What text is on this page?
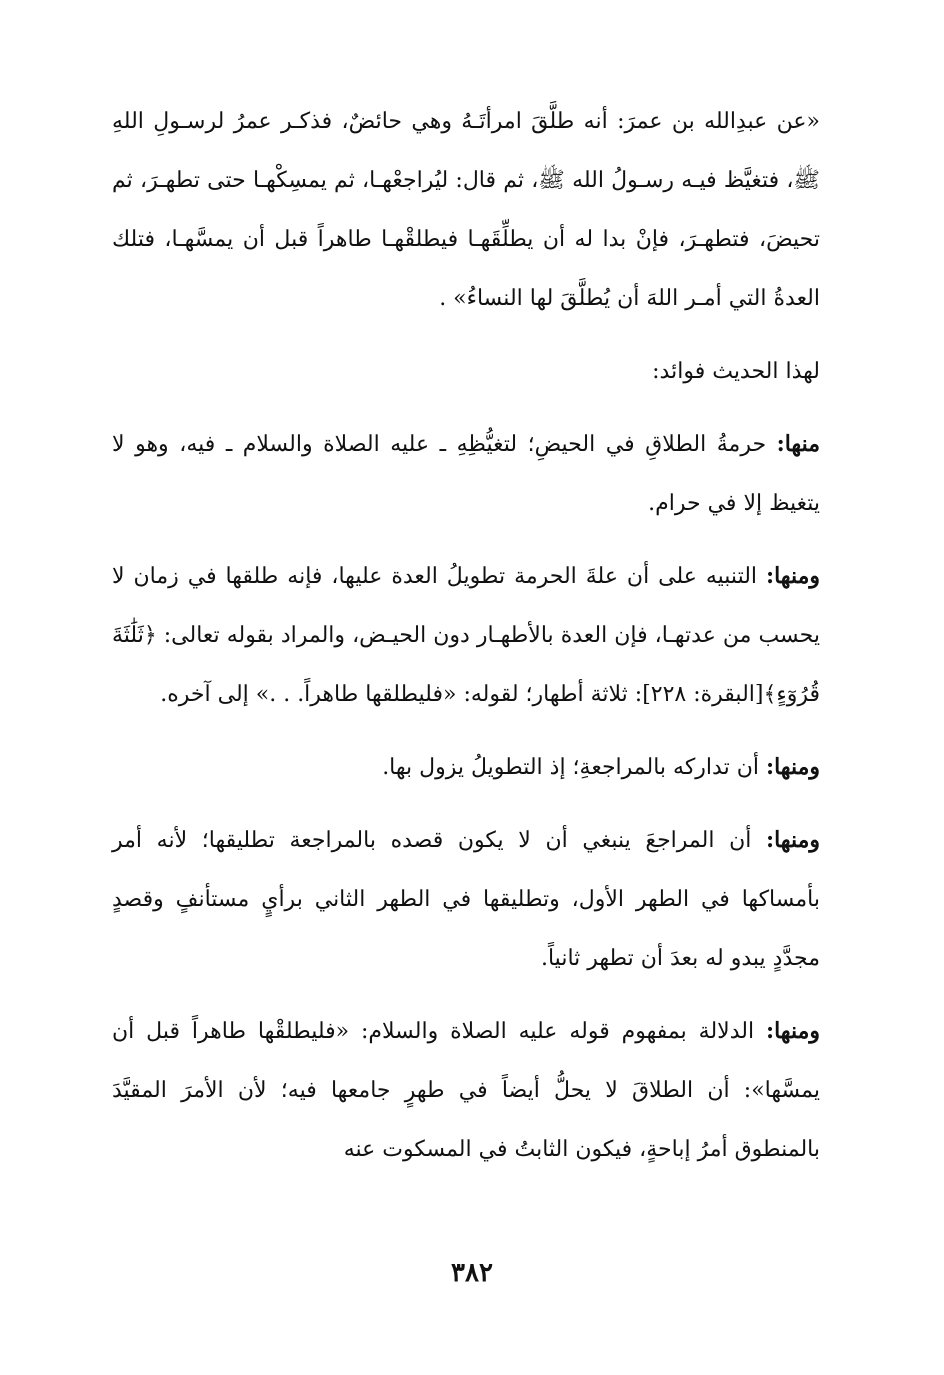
«عن عبدِالله بن عمرَ: أنه طلَّقَ امرأتَـهُ وهي حائضٌ، فذكـر عمرُ لرسـولِ اللهِ ﷺ، فتغيَّظ فيـه رسـولُ الله ﷺ، ثم قال: ليُراجعْهـا، ثم يمسِكْهـا حتى تطهـرَ، ثم تحيضَ، فتطهـرَ، فإنْ بدا له أن يطلِّقَهـا فيطلقْهـا طاهراً قبل أن يمسَّهـا، فتلك العدةُ التي أمـر اللهَ أن يُطلَّقَ لها النساءُ» .

لهذا الحديث فوائد:

منها: حرمةُ الطلاقِ في الحيضِ؛ لتغيُّظِهِ ـ عليه الصلاة والسلام ـ فيه، وهو لا يتغيظ إلا في حرام.

ومنها: التنبيه على أن علةَ الحرمة تطويلُ العدة عليها، فإنه طلقها في زمان لا يحسب من عدتهـا، فإن العدة بالأطهـار دون الحيـض، والمراد بقوله تعالى: ﴿ثَلَٰثَةَ قُرُوٓءٍ﴾[البقرة: ٢٢٨]: ثلاثة أطهار؛ لقوله: «فليطلقها طاهراً. . .» إلى آخره.

ومنها: أن تداركه بالمراجعةِ؛ إذ التطويلُ يزول بها.

ومنها: أن المراجعَ ينبغي أن لا يكون قصده بالمراجعة تطليقها؛ لأنه أمر بأمساكها في الطهر الأول، وتطليقها في الطهر الثاني برأيٍ مستأنفٍ وقصدٍ مجدَّدٍ يبدو له بعدَ أن تطهر ثانياً.

ومنها: الدلالة بمفهوم قوله عليه الصلاة والسلام: «فليطلقْها طاهراً قبل أن يمسَّها»: أن الطلاقَ لا يحلُّ أيضاً في طهرٍ جامعها فيه؛ لأن الأمرَ المقيَّدَ بالمنطوق أمرُ إباحةٍ، فيكون الثابتُ في المسكوت عنه

٣٨٢
